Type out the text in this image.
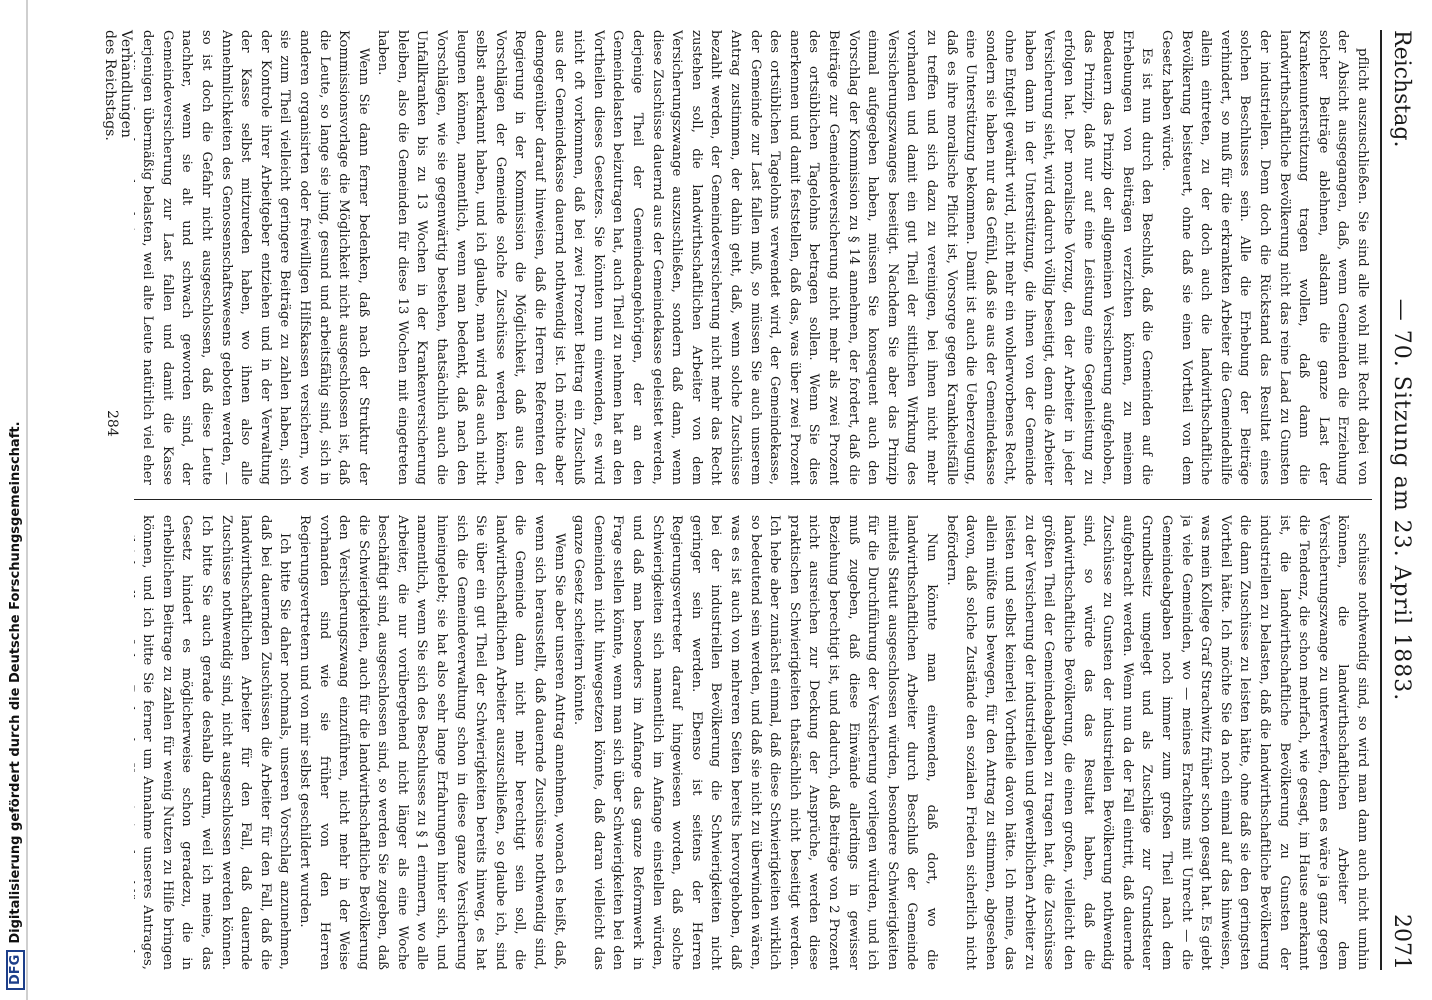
DFGDigitalisierung gefördert durch die Deutsche Forschungsgemeinschaft.
Reichstag.
— 70. Sitzung am 23. April 1883.
2071

pflicht auszuschließen. Sie sind alle wohl mit Recht dabei von der Absicht ausgegangen, daß, wenn Gemeinden die Erziehung solcher Beiträge ablehnen, alsdann die ganze Last der Krankenunterstützung tragen wollen, daß dann die landwirthschaftliche Bevölkerung nicht das reine Laad zu Gunsten der industriellen. Denn doch die Rückstand das Resultat eines solchen Beschlusses sein. Alle die Erhebung der Beiträge verhindert, so muß für die erkrankten Arbeiter die Gemeindehilfe allein eintreten, zu der doch auch die landwirthschaftliche Bevölkerung beisteuert, ohne daß sie einen Vortheil von dem Gesetz haben würde.

Es ist nun durch den Beschluß, daß die Gemeinden auf die Erhebungen von Beiträgen verzichten können, zu meinem Bedauern das Prinzip der allgemeinen Versicherung aufgehoben, das Prinzip, daß nur auf eine Leistung eine Gegenleistung zu erfolgen hat. Der moralische Vorzug, den der Arbeiter in jeder Versicherung sieht, wird dadurch völlig beseitigt, denn die Arbeiter haben dann in der Unterstützung, die ihnen von der Gemeinde ohne Entgelt gewährt wird, nicht mehr ein wohlerworbenes Recht, sondern sie haben nur das Gefühl, daß sie aus der Gemeindekasse eine Unterstützung bekommen. Damit ist auch die Ueberzeugung, daß es ihre moralische Pflicht ist, Vorsorge gegen Krankheitsfälle zu treffen und sich dazu zu vereinigen, bei ihnen nicht mehr vorhanden und damit ein gut Theil der sittlichen Wirkung des Versicherungszwanges beseitigt. Nachdem Sie aber das Prinzip einmal aufgegeben haben, müssen Sie konsequent auch den Vorschlag der Kommission zu § 14 annehmen, der fordert, daß die Beiträge zur Gemeindeversicherung nicht mehr als zwei Prozent des ortsüblichen Tagelohns betragen sollen. Wenn Sie dies anerkennen und damit feststellen, daß das, was über zwei Prozent des ortsüblichen Tagelohns verwendet wird, der Gemeindekasse, der Gemeinde zur Last fallen muß, so müssen Sie auch unserem Antrag zustimmen, der dahin geht, daß, wenn solche Zuschüsse bezahlt werden, der Gemeindeversicherung nicht mehr das Recht zustehen soll, die landwirthschaftlichen Arbeiter von dem Versicherungszwange auszuschließen, sondern daß dann, wenn diese Zuschüsse dauernd aus der Gemeindekasse geleistet werden, derjenige Theil der Gemeindeangehörigen, der an den Gemeindelasten beizutragen hat, auch Theil zu nehmen hat an den Vortheilen dieses Gesetzes. Sie könnten nun einwenden, es wird nicht oft vorkommen, daß bei zwei Prozent Beitrag ein Zuschuß aus der Gemeindekasse dauernd nothwendig ist. Ich möchte aber demgegenüber darauf hinweisen, daß die Herren Referenten der Regierung in der Kommission die Möglichkeit, daß aus den Vorschlägen der Gemeinde solche Zuschüsse werden können, selbst anerkannt haben, und ich glaube, man wird das auch nicht leugnen können, namentlich, wenn man bedenkt, daß nach den Vorschlägen, wie sie gegenwärtig bestehen, thatsächlich auch die Unfallkranken bis zu 13 Wochen in der Krankenversicherung bleiben, also die Gemeinden für diese 13 Wochen mit eingetreten haben.

Wenn Sie dann ferner bedenken, daß nach der Struktur der Kommissionsvorlage die Möglichkeit nicht ausgeschlossen ist, daß die Leute, so lange sie jung, gesund und arbeitsfähig sind, sich in anderen organisirten oder freiwilligen Hilfskassen versichern, wo sie zum Theil vielleicht geringere Beiträge zu zahlen haben, sich der Kontrole ihrer Arbeitgeber entziehen und in der Verwaltung der Kasse selbst mitzureden haben, wo ihnen also alle Annehmlichkeiten des Genossenschaftswesens geboten werden, — so ist doch die Gefahr nicht ausgeschlossen, daß diese Leute nachher, wenn sie alt und schwach geworden sind, der Gemeindeversicherung zur Last fallen und damit die Kasse derjenigen übermäßig belasten, weil alte Leute natürlich viel eher

schüsse nothwendig sind, so wird man dann auch nicht umhin können, die landwirthschaftlichen Arbeiter dem Versicherungszwange zu unterwerfen, denn es wäre ja ganz gegen die Tendenz, die schon mehrfach, wie gesagt, im Hause anerkannt ist, die landwirthschaftliche Bevölkerung zu Gunsten der industriellen zu belasten, daß die landwirthschaftliche Bevölkerung die dann Zuschüsse zu leisten hätte, ohne daß sie den geringsten Vortheil hätte. Ich möchte Sie da noch einmal auf das hinweisen, was mein Kollege Graf Strachwitz früher schon gesagt hat. Es giebt ja viele Gemeinden, wo — meines Erachtens mit Unrecht — die Gemeindeabgaben noch immer zum großen Theil nach dem Grundbesitz umgelegt und als Zuschläge zur Grundsteuer aufgebracht werden. Wenn nun da der Fall eintritt, daß dauernde Zuschüsse zu Gunsten der industriellen Bevölkerung nothwendig sind, so würde das das Resultat haben, daß die landwirthschaftliche Bevölkerung, die einen großen, vielleicht den größten Theil der Gemeindeabgaben zu tragen hat, die Zuschüsse zu der Versicherung der industriellen und gewerblichen Arbeiter zu leisten und selbst keinerlei Vortheile davon hätte. Ich meine, das allein müßte uns bewegen, für den Antrag zu stimmen, abgesehen davon, daß solche Zustände den sozialen Frieden sicherlich nicht befördern.

Nun könnte man einwenden, daß dort, wo die landwirthschaftlichen Arbeiter durch Beschluß der Gemeinde mittels Statut ausgeschlossen würden, besondere Schwierigkeiten für die Durchführung der Versicherung vorliegen würden, und ich muß zugeben, daß diese Einwände allerdings in gewisser Beziehung berechtigt ist, und dadurch, daß Beiträge von 2 Prozent nicht ausreichen zur Deckung der Ansprüche, werden diese praktischen Schwierigkeiten thatsächlich nicht beseitigt werden. Ich hebe aber zunächst einmal, daß diese Schwierigkeiten wirklich so bedeutend sein werden, und daß sie nicht zu überwinden wären, was es ist auch von mehreren Seiten bereits hervorgehoben, daß bei der industriellen Bevölkerung die Schwierigkeiten nicht geringer sein werden. Ebenso ist seitens der Herren Regierungsvertreter darauf hingewiesen worden, daß solche Schwierigkeiten sich namentlich im Anfange einstellen würden, und daß man besonders im Anfange das ganze Reformwerk in Frage stellen könnte, wenn man sich über Schwierigkeiten bei den Gemeinden nicht hinwegsetzen könnte, daß daran vielleicht das ganze Gesetz scheitern könnte.

Wenn Sie aber unseren Antrag annehmen, wonach es heißt, daß, wenn sich herausstellt, daß dauernde Zuschüsse nothwendig sind, die Gemeinde dann nicht mehr berechtigt sein soll, die landwirthschaftlichen Arbeiter auszuschließen, so glaube ich, sind Sie über ein gut Theil der Schwierigkeiten bereits hinweg, es hat sich die Gemeindeverwaltung schon in diese ganze Versicherung hineingelebt; sie hat also sehr lange Erfahrungen hinter sich, und namentlich, wenn Sie sich des Beschlusses zu § 1 erinnern, wo alle Arbeiter, die nur vorübergehend nicht länger als eine Woche beschäftigt sind, ausgeschlossen sind, so werden Sie zugeben, daß die Schwierigkeiten, auch für die landwirthschaftliche Bevölkerung den Versicherungszwang einzuführen, nicht mehr in der Weise vorhanden sind wie sie früher von den Herren Regierungsvertretern und von mir selbst geschildert wurden.

Ich bitte Sie daher nochmals, unseren Vorschlag anzunehmen, daß bei dauernden Zuschüssen die Arbeiter für den Fall, daß die landwirthschaftlichen Arbeiter für den Fall, daß dauernde Zuschüsse nothwendig sind, nicht ausgeschlossen werden können. Ich bitte Sie auch gerade deshalb darum, weil ich meine, das Gesetz hindert es möglicherweise schon geradezu, die in erheblichem Beitrage zu zahlen für wenig Nutzen zu Hilfe bringen können, und ich bitte Sie ferner um Annahme unseres Antrages,

Verhandlungen des Reichstags.
284
